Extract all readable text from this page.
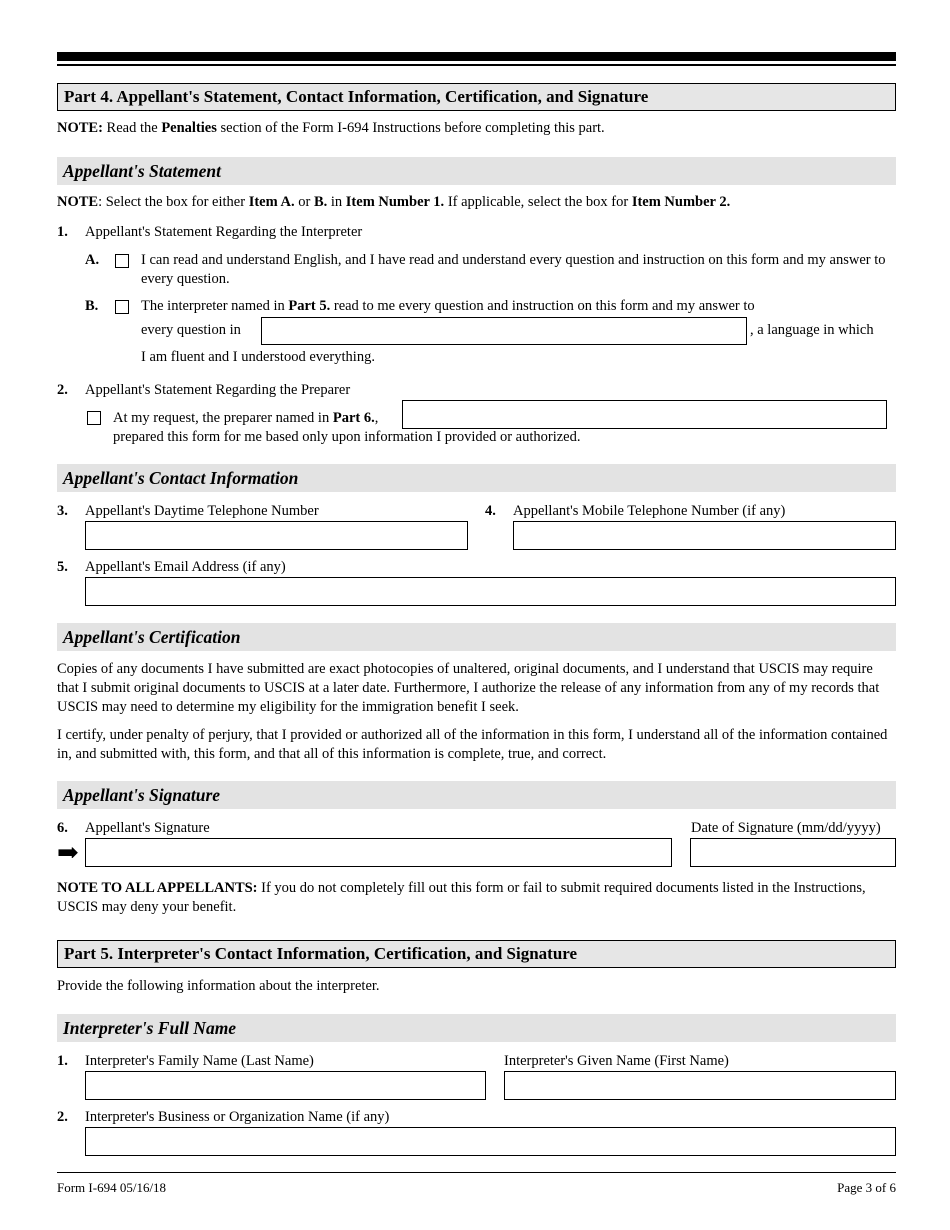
Part 4. Appellant's Statement, Contact Information, Certification, and Signature
NOTE: Read the Penalties section of the Form I-694 Instructions before completing this part.
Appellant's Statement
NOTE: Select the box for either Item A. or B. in Item Number 1. If applicable, select the box for Item Number 2.
1. Appellant's Statement Regarding the Interpreter
A.	I can read and understand English, and I have read and understand every question and instruction on this form and my answer to every question.
B.	The interpreter named in Part 5. read to me every question and instruction on this form and my answer to
every question in	, a language in which
I am fluent and I understood everything.
2. Appellant's Statement Regarding the Preparer
At my request, the preparer named in Part 6.,
prepared this form for me based only upon information I provided or authorized.
Appellant's Contact Information
3. Appellant's Daytime Telephone Number	4. Appellant's Mobile Telephone Number (if any)
5. Appellant's Email Address (if any)
Appellant's Certification
Copies of any documents I have submitted are exact photocopies of unaltered, original documents, and I understand that USCIS may require that I submit original documents to USCIS at a later date. Furthermore, I authorize the release of any information from any of my records that USCIS may need to determine my eligibility for the immigration benefit I seek.
I certify, under penalty of perjury, that I provided or authorized all of the information in this form, I understand all of the information contained in, and submitted with, this form, and that all of this information is complete, true, and correct.
Appellant's Signature
6. Appellant's Signature	Date of Signature (mm/dd/yyyy)
➡
NOTE TO ALL APPELLANTS: If you do not completely fill out this form or fail to submit required documents listed in the Instructions, USCIS may deny your benefit.
Part 5. Interpreter's Contact Information, Certification, and Signature
Provide the following information about the interpreter.
Interpreter's Full Name
1. Interpreter's Family Name (Last Name)	Interpreter's Given Name (First Name)
2. Interpreter's Business or Organization Name (if any)
Form I-694 05/16/18	Page 3 of 6
